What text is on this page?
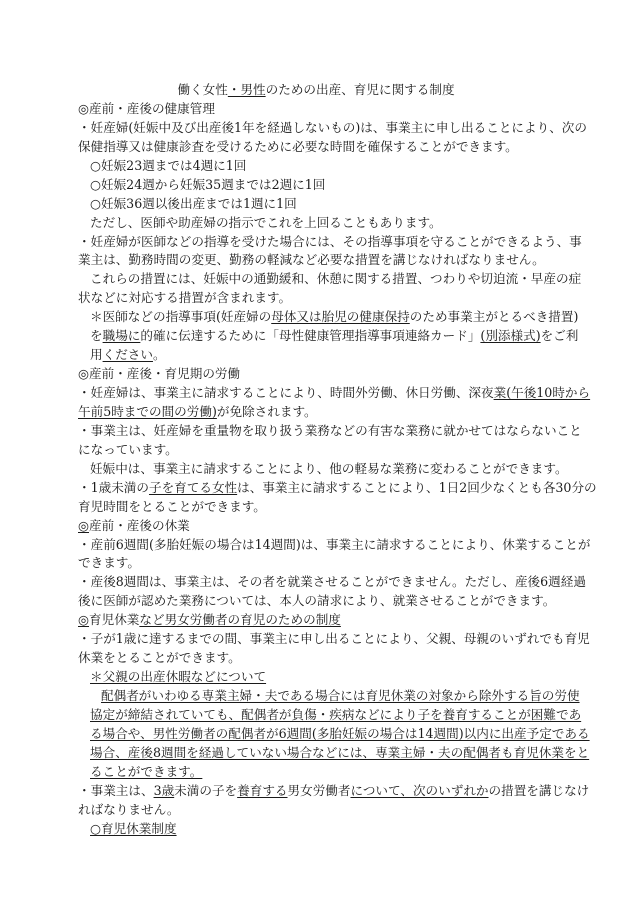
働く女性・男性のための出産、育児に関する制度
◎産前・産後の健康管理
・妊産婦(妊娠中及び出産後1年を経過しないもの)は、事業主に申し出ることにより、次の
保健指導又は健康診査を受けるために必要な時間を確保することができます。
○妊娠23週までは4週に1回
○妊娠24週から妊娠35週までは2週に1回
○妊娠36週以後出産までは1週に1回
ただし、医師や助産婦の指示でこれを上回ることもあります。
・妊産婦が医師などの指導を受けた場合には、その指導事項を守ることができるよう、事
業主は、勤務時間の変更、勤務の軽減など必要な措置を講じなければなりません。
これらの措置には、妊娠中の通勤緩和、休憩に関する措置、つわりや切迫流・早産の症
状などに対応する措置が含まれます。
＊医師などの指導事項(妊産婦の母体又は胎児の健康保持のため事業主がとるべき措置)
を職場に的確に伝達するために「母性健康管理指導事項連絡カード」(別添様式)をご利
用ください。
◎産前・産後・育児期の労働
・妊産婦は、事業主に請求することにより、時間外労働、休日労働、深夜業(午後10時から
午前5時までの間の労働)が免除されます。
・事業主は、妊産婦を重量物を取り扱う業務などの有害な業務に就かせてはならないこと
になっています。
妊娠中は、事業主に請求することにより、他の軽易な業務に変わることができます。
・1歳未満の子を育てる女性は、事業主に請求することにより、1日2回少なくとも各30分の
育児時間をとることができます。
◎産前・産後の休業
・産前6週間(多胎妊娠の場合は14週間)は、事業主に請求することにより、休業することが
できます。
・産後8週間は、事業主は、その者を就業させることができません。ただし、産後6週経過
後に医師が認めた業務については、本人の請求により、就業させることができます。
◎育児休業など男女労働者の育児のための制度
・子が1歳に達するまでの間、事業主に申し出ることにより、父親、母親のいずれでも育児
休業をとることができます。
＊父親の出産休暇などについて
配偶者がいわゆる専業主婦・夫である場合には育児休業の対象から除外する旨の労使
協定が締結されていても、配偶者が負傷・疾病などにより子を養育することが困難であ
る場合や、男性労働者の配偶者が6週間(多胎妊娠の場合は14週間)以内に出産予定である
場合、産後8週間を経過していない場合などには、専業主婦・夫の配偶者も育児休業をと
ることができます。
・事業主は、3歳未満の子を養育する男女労働者について、次のいずれかの措置を講じなけ
ればなりません。
○育児休業制度
